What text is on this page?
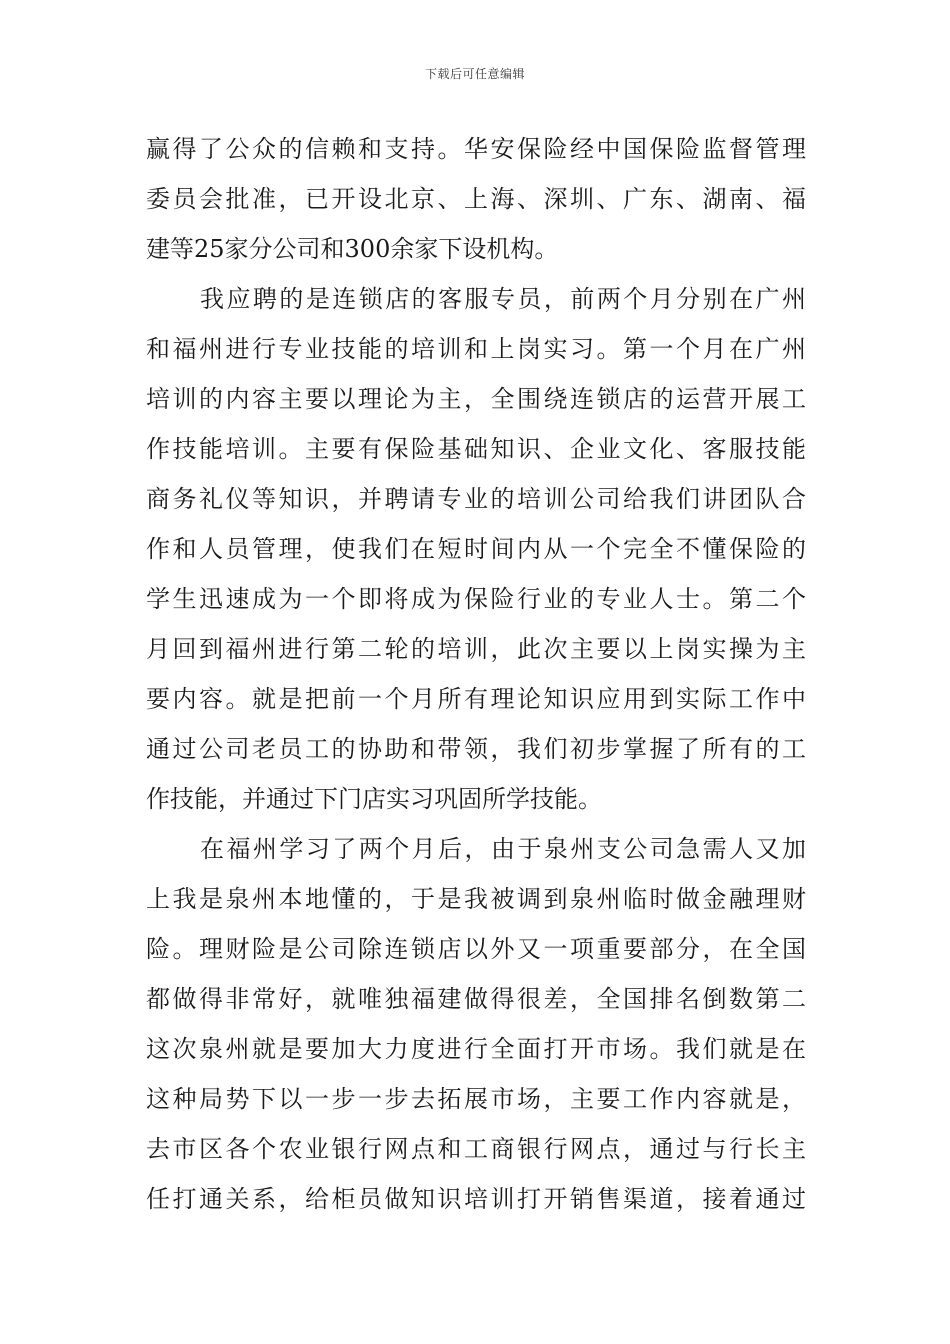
下载后可任意编辑
赢得了公众的信赖和支持。华安保险经中国保险监督管理
委员会批准，已开设北京、上海、深圳、广东、湖南、福
建等25家分公司和300余家下设机构。
我应聘的是连锁店的客服专员，前两个月分别在广州
和福州进行专业技能的培训和上岗实习。第一个月在广州
培训的内容主要以理论为主，全围绕连锁店的运营开展工
作技能培训。主要有保险基础知识、企业文化、客服技能
商务礼仪等知识，并聘请专业的培训公司给我们讲团队合
作和人员管理，使我们在短时间内从一个完全不懂保险的
学生迅速成为一个即将成为保险行业的专业人士。第二个
月回到福州进行第二轮的培训，此次主要以上岗实操为主
要内容。就是把前一个月所有理论知识应用到实际工作中
通过公司老员工的协助和带领，我们初步掌握了所有的工
作技能，并通过下门店实习巩固所学技能。
在福州学习了两个月后，由于泉州支公司急需人又加
上我是泉州本地懂的，于是我被调到泉州临时做金融理财
险。理财险是公司除连锁店以外又一项重要部分，在全国
都做得非常好，就唯独福建做得很差，全国排名倒数第二
这次泉州就是要加大力度进行全面打开市场。我们就是在
这种局势下以一步一步去拓展市场，主要工作内容就是，
去市区各个农业银行网点和工商银行网点，通过与行长主
任打通关系，给柜员做知识培训打开销售渠道，接着通过
